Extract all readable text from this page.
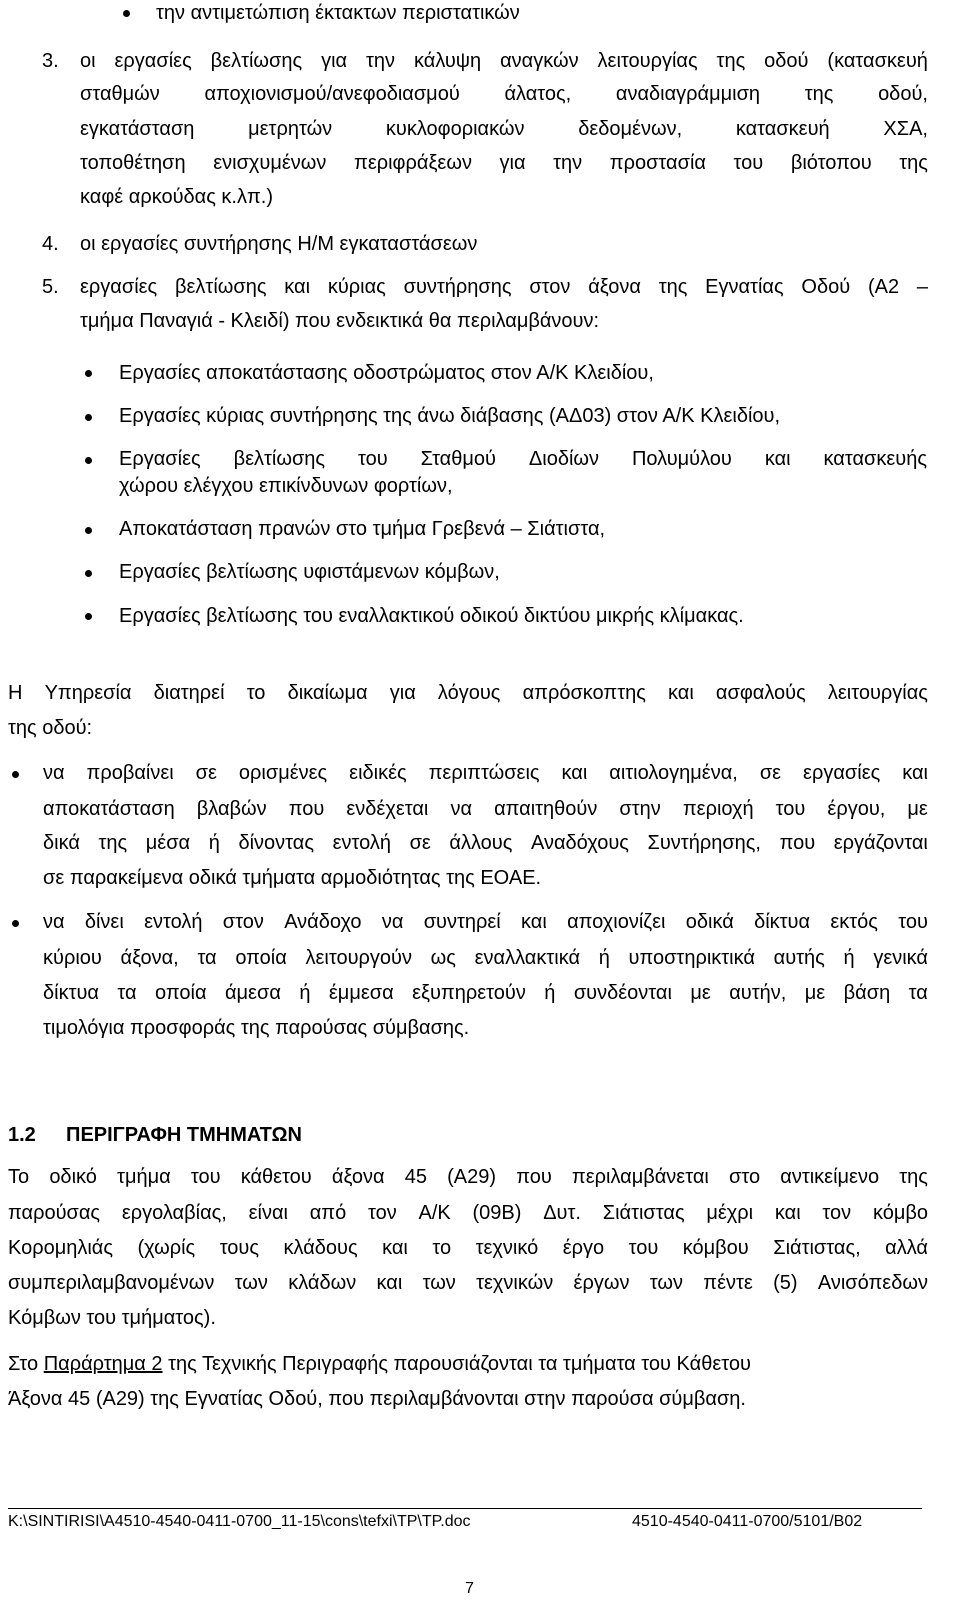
την αντιμετώπιση έκτακτων περιστατικών
3. οι εργασίες βελτίωσης για την κάλυψη αναγκών λειτουργίας της οδού (κατασκευή
σταθμών αποχιονισμού/ανεφοδιασμού άλατος, αναδιαγράμμιση της οδού,
εγκατάσταση	μετρητών	κυκλοφοριακών	δεδομένων,	κατασκευή	ΧΣΑ,
τοποθέτηση ενισχυμένων περιφράξεων για την προστασία του βιότοπου της
καφέ αρκούδας κ.λπ.)
4. οι εργασίες συντήρησης Η/Μ εγκαταστάσεων
5. εργασίες βελτίωσης και κύριας συντήρησης στον άξονα της Εγνατίας Οδού (Α2 –
τμήμα Παναγιά - Κλειδί) που ενδεικτικά θα περιλαμβάνουν:
Εργασίες αποκατάστασης οδοστρώματος στον Α/Κ Κλειδίου,
Εργασίες κύριας συντήρησης της άνω διάβασης (ΑΔ03) στον Α/Κ Κλειδίου,
Εργασίες βελτίωσης του Σταθμού Διοδίων Πολυμύλου και κατασκευής
χώρου ελέγχου επικίνδυνων φορτίων,
Αποκατάσταση πρανών στο τμήμα Γρεβενά – Σιάτιστα,
Εργασίες βελτίωσης υφιστάμενων κόμβων,
Εργασίες βελτίωσης του εναλλακτικού οδικού δικτύου μικρής κλίμακας.
Η Υπηρεσία διατηρεί το δικαίωμα για λόγους απρόσκοπτης και ασφαλούς λειτουργίας
της οδού:
να προβαίνει σε ορισμένες ειδικές περιπτώσεις και αιτιολογημένα, σε εργασίες και
αποκατάσταση βλαβών που ενδέχεται να απαιτηθούν στην περιοχή του έργου, με
δικά της μέσα ή δίνοντας εντολή σε άλλους Αναδόχους Συντήρησης, που εργάζονται
σε παρακείμενα οδικά τμήματα αρμοδιότητας της ΕΟΑΕ.
να δίνει εντολή στον Ανάδοχο να συντηρεί και αποχιονίζει οδικά δίκτυα εκτός του
κύριου άξονα, τα οποία λειτουργούν ως εναλλακτικά ή υποστηρικτικά αυτής ή γενικά
δίκτυα τα οποία άμεσα ή έμμεσα εξυπηρετούν ή συνδέονται με αυτήν, με βάση τα
τιμολόγια προσφοράς της παρούσας σύμβασης.
1.2 ΠΕΡΙΓΡΑΦΗ ΤΜΗΜΑΤΩΝ
Το οδικό τμήμα του κάθετου άξονα 45 (Α29) που περιλαμβάνεται στο αντικείμενο της
παρούσας εργολαβίας, είναι από τον Α/Κ (09Β) Δυτ. Σιάτιστας μέχρι και τον κόμβο
Κορομηλιάς (χωρίς τους κλάδους και το τεχνικό έργο του κόμβου Σιάτιστας, αλλά
συμπεριλαμβανομένων των κλάδων και των τεχνικών έργων των πέντε (5) Ανισόπεδων
Κόμβων του τμήματος).
Στο Παράρτημα 2 της Τεχνικής Περιγραφής παρουσιάζονται τα τμήματα του Κάθετου
Άξονα 45 (Α29) της Εγνατίας Οδού, που περιλαμβάνονται στην παρούσα σύμβαση.
K:\SINTIRISI\A4510-4540-0411-0700_11-15\cons\tefxi\TP\TP.doc	4510-4540-0411-0700/5101/B02
7
